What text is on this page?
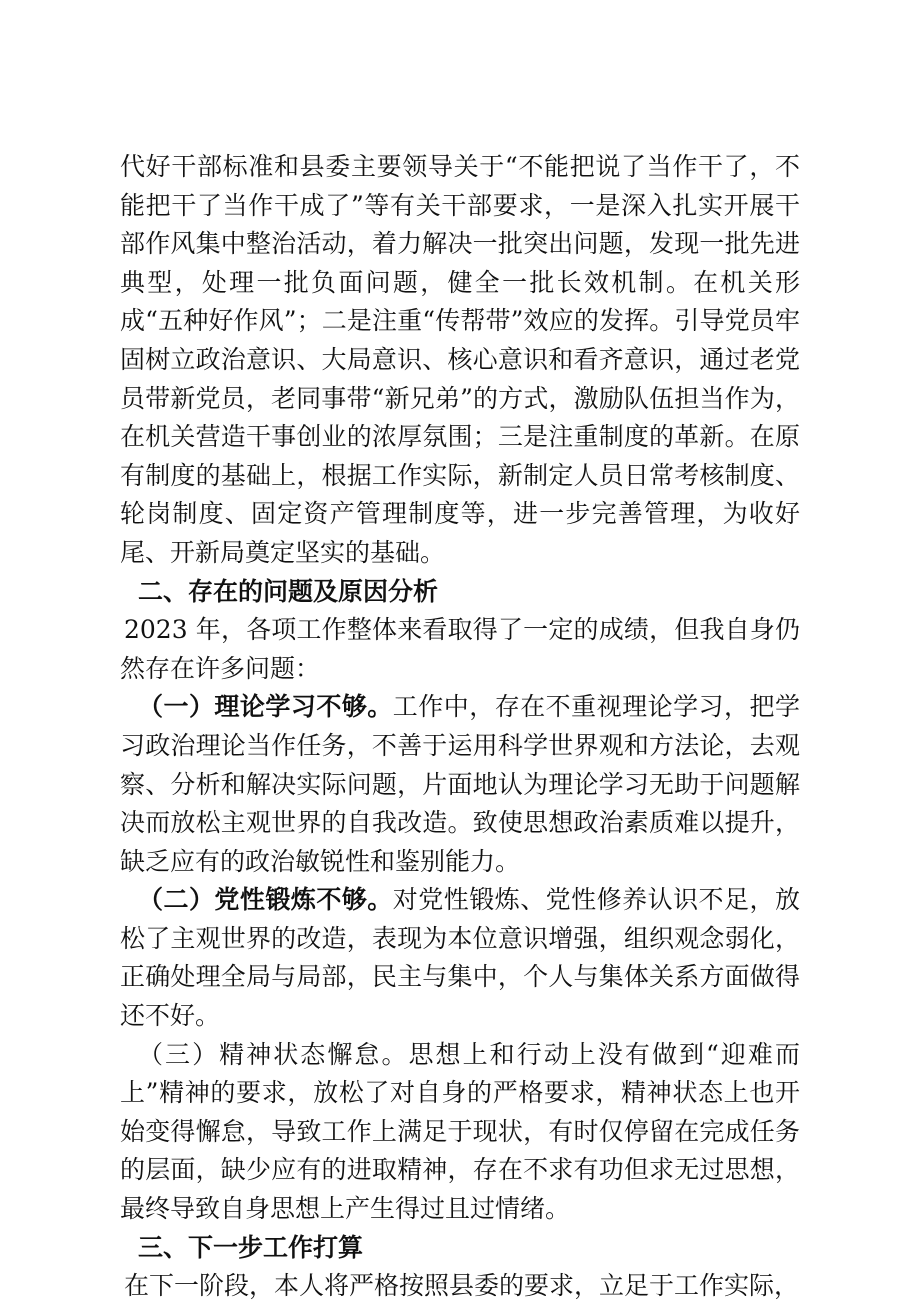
代好干部标准和县委主要领导关于“不能把说了当作干了，不能把干了当作干成了”等有关干部要求，一是深入扎实开展干部作风集中整治活动，着力解决一批突出问题，发现一批先进典型，处理一批负面问题，健全一批长效机制。在机关形成“五种好作风”；二是注重“传帮带”效应的发挥。引导党员牢固树立政治意识、大局意识、核心意识和看齐意识，通过老党员带新党员，老同事带“新兄弟”的方式，激励队伍担当作为，在机关营造干事创业的浓厚氛围；三是注重制度的革新。在原有制度的基础上，根据工作实际，新制定人员日常考核制度、轮岗制度、固定资产管理制度等，进一步完善管理，为收好尾、开新局奠定坚实的基础。

二、存在的问题及原因分析

2023 年，各项工作整体来看取得了一定的成绩，但我自身仍然存在许多问题：

（一）理论学习不够。工作中，存在不重视理论学习，把学习政治理论当作任务，不善于运用科学世界观和方法论，去观察、分析和解决实际问题，片面地认为理论学习无助于问题解决而放松主观世界的自我改造。致使思想政治素质难以提升，缺乏应有的政治敏锐性和鉴别能力。

（二）党性锻炼不够。对党性锻炼、党性修养认识不足，放松了主观世界的改造，表现为本位意识增强，组织观念弱化，正确处理全局与局部，民主与集中，个人与集体关系方面做得还不好。

（三）精神状态懈怠。思想上和行动上没有做到“迎难而上”精神的要求，放松了对自身的严格要求，精神状态上也开始变得懈怠，导致工作上满足于现状，有时仅停留在完成任务的层面，缺少应有的进取精神，存在不求有功但求无过思想，最终导致自身思想上产生得过且过情绪。

三、下一步工作打算

在下一阶段，本人将严格按照县委的要求，立足于工作实际，
